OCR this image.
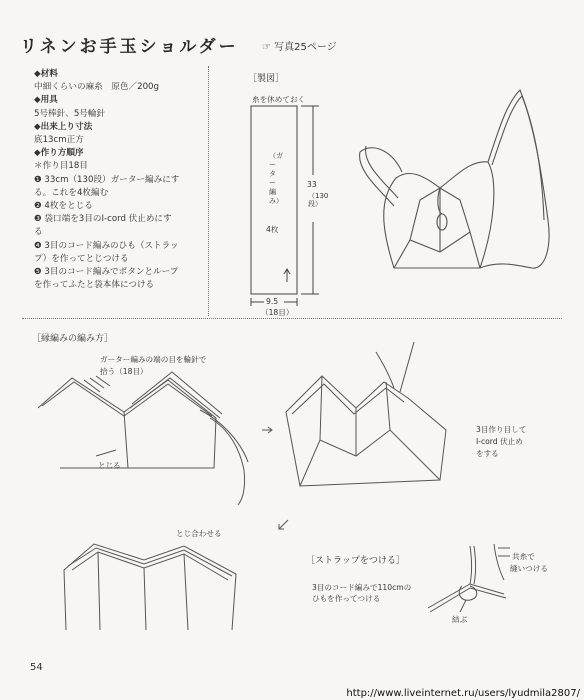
リネンお手玉ショルダー ☞ 写真25ページ
◆材料
中細くらいの麻糸　原色／200g
◆用具
5号棒針、5号輪針
◆出来上り寸法
底13cm正方
◆作り方順序
＊作り目18目
❶ 33cm（130段）ガーター編みにす
る。これを4枚編む
❷ 4枚をとじる
❸ 袋口端を3目のI-cord 伏止めにす
る
❹ 3目のコード編みのひも（ストラッ
プ）を作ってとじつける
❺ 3目のコード編みでボタンとループ
を作ってふたと袋本体につける
［製図］
糸を休めておく
（ガーター編み）
4枚
33
（130段）
9.5
（18目）
［縁編みの編み方］
ガーター編みの端の目を輪針で
拾う（18目）
とじる
とじ合わせる
3目作り目して
I-cord 伏止め
をする
［ストラップをつける］
3目のコード編みで110cmの
ひもを作ってつける
共糸で
縫いつける
結ぶ
54
http://www.liveinternet.ru/users/lyudmila2807/
